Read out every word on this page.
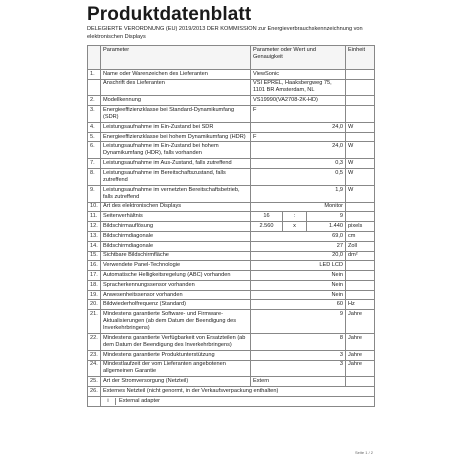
Produktdatenblatt
DELEGIERTE VERORDNUNG (EU) 2019/2013 DER KOMMISSION zur Energieverbrauchskennzeichnung von elektronischen Displays
	Parameter	Parameter oder Wert und Genauigkeit			Einheit
1.	Name oder Warenzeichen des Lieferanten	ViewSonic			
	Anschrift des Lieferanten	VSI EPREL, Haaksbergweg 75, 1101 BR Amsterdam, NL			
2.	Modellkennung	VS19990(VA2708-2K-HD)			
3.	Energieeffizienzklasse bei Standard-Dynamikumfang (SDR)	F			
4.	Leistungsaufnahme im Ein-Zustand bei SDR	24,0			W
5.	Energieeffizienzklasse bei hohem Dynamikumfang (HDR)	F			
6.	Leistungsaufnahme im Ein-Zustand bei hohem Dynamikumfang (HDR), falls vorhanden	24,0			W
7.	Leistungsaufnahme im Aus-Zustand, falls zutreffend	0,3			W
8.	Leistungsaufnahme im Bereitschaftszustand, falls zutreffend	0,5			W
9.	Leistungsaufnahme im vernetzten Bereitschaftsbetrieb, falls zutreffend	1,9			W
10.	Art des elektronischen Displays	Monitor			
11.	Seitenverhältnis	16	:	9	
12.	Bildschirmauflösung	2.560	x	1.440	pixels
13.	Bildschirmdiagonale	69,0			cm
14.	Bildschirmdiagonale	27			Zoll
15.	Sichtbare Bildschirmfläche	20,0			dm²
16.	Verwendete Panel-Technologie	LED LCD			
17.	Automatische Helligkeitsregelung (ABC) vorhanden	Nein			
18.	Spracherkennungssensor vorhanden	Nein			
19.	Anwesenheitssensor vorhanden	Nein			
20.	Bildwiederholfrequenz (Standard)	60			Hz
21.	Mindestens garantierte Software- und Firmware-Aktualisierungen (ab dem Datum der Beendigung des Inverkehrbringens)	9			Jahre
22.	Mindestens garantierte Verfügbarkeit von Ersatzteilen (ab dem Datum der Beendigung des Inverkehrbringens)	8			Jahre
23.	Mindestens garantierte Produktunterstützung	3			Jahre
24.	Mindestlaufzeit der vom Lieferanten angebotenen allgemeinen Garantie	3			Jahre
25.	Art der Stromversorgung (Netzteil)	Extern			
26.	Externes Netzteil (nicht genormt, in der Verkaufsverpackung enthalten)				
	i External adapter				
Seite 1 / 2
